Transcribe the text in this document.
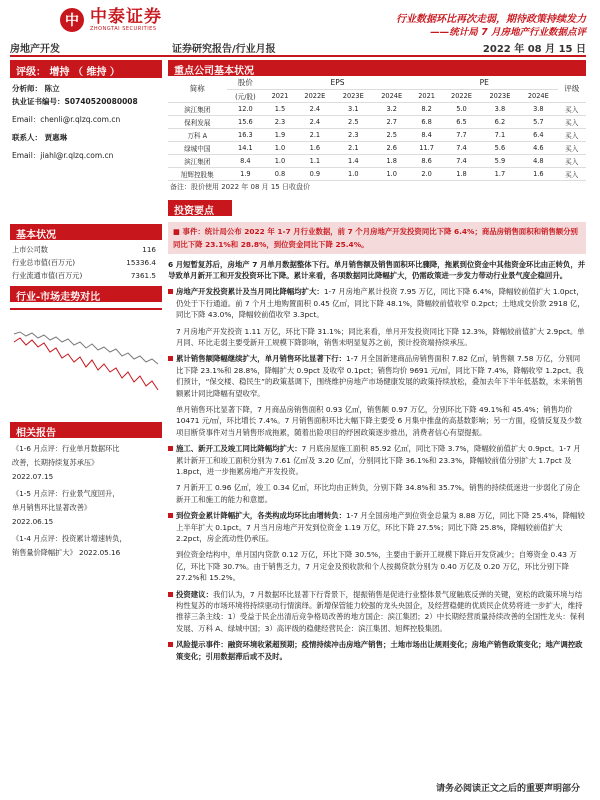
中 中泰证券
ZHONGTAI SECURITIES
行业数据环比再次走弱，期待政策持续发力
——统计局 7 月房地产行业数据点评
房地产开发	证券研究报告/行业月报	2022 年 08 月 15 日
评级： 增持 （ 维持 ）
分析师： 陈立
执业证书编号：S0740520080008
Email：chenli@r.qlzq.com.cn
联系人： 贾惠琳
Email：jiahl@r.qlzq.com.cn
基本状况
上市公司数	116
行业总市值(百万元)	15336.4
行业流通市值(百万元)	7361.5
行业-市场走势对比
相关报告
《1-6 月点评：行业单月数据环比
改善，长期持续复苏承压》
2022.07.15
《1-5 月点评：行业景气度回升，
单月销售环比显著改善》
2022.06.15
《1-4 月点评：投资累计增速转负，
销售量价降幅扩大》 2022.05.16
重点公司基本状况
简称	股价	EPS				PE				评级
	(元/股)	2021	2022E	2023E	2024E	2021	2022E	2023E	2024E	
滨江集团	12.0	1.5	2.4	3.1	3.2	8.2	5.0	3.8	3.8	买入
保利发展	15.6	2.3	2.4	2.5	2.7	6.8	6.5	6.2	5.7	买入
万科 A	16.3	1.9	2.1	2.3	2.5	8.4	7.7	7.1	6.4	买入
绿城中国	14.1	1.0	1.6	2.1	2.6	11.7	7.4	5.6	4.6	买入
滨江集团	8.4	1.0	1.1	1.4	1.8	8.6	7.4	5.9	4.8	买入
旭辉控股集	1.9	0.8	0.9	1.0	1.0	2.0	1.8	1.7	1.6	买入
备注：股价使用 2022 年 08 月 15 日收盘价
投资要点
■ 事件：统计局公布 2022 年 1-7 月行业数据，前 7 个月房地产开发投资同比下降 6.4%；商品房销售面积和销售额分别同比下降 23.1%和 28.8%，到位资金同比下降 25.4%。
6 月短暂复苏后，房地产 7 月单月数据整体下行。单月销售额及销售面积环比骤降，拖累到位资金中其他资金环比由正转负，并导致单月新开工和开发投资环比下降。累计来看，各项数据同比降幅扩大，仍需政策进一步发力带动行业景气度企稳回升。
房地产开发投资累计及当月同比降幅均扩大：1-7 月房地产累计投资 7.95 万亿，同比下降 6.4%，降幅较前值扩大 1.0pct，仍处于下行通道。前 7 个月土地购置面积 0.45 亿㎡，同比下降 48.1%，降幅较前值收窄 0.2pct；土地成交价款 2918 亿，同比下降 43.0%，降幅较前值收窄 3.3pct。
7 月房地产开发投资 1.11 万亿，环比下降 31.1%；同比来看，单月开发投资同比下降 12.3%，降幅较前值扩大 2.9pct。单月同、环比走弱主要受新开工规模下降影响，销售未明显复苏之前，预计投资端持续承压。
累计销售额降幅继续扩大，单月销售环比显著下行：1-7 月全国新建商品房销售面积 7.82 亿㎡，销售额 7.58 万亿，分别同比下降 23.1%和 28.8%，降幅扩大 0.9pct 及收窄 0.1pct；销售均价 9691 元/㎡，同比下降 7.4%，降幅收窄 1.2pct。我们预计，“保交楼、稳民生”的政策基调下，围绕维护房地产市场健康发展的政策持续放松，叠加去年下半年低基数，未来销售额累计同比降幅有望收窄。
单月销售环比显著下降，7 月商品房销售面积 0.93 亿㎡，销售额 0.97 万亿，分别环比下降 49.1%和 45.4%；销售均价 10471 元/㎡，环比增长 7.4%。7 月销售面积环比大幅下降主要受 6 月集中推盘的高基数影响；另一方面，疫情反复及少数项目断贷事件对当月销售形成拖累，随着出险项目的纾困政策逐步推出，消费者信心有望提振。
施工、新开工及竣工同比降幅均扩大：7 月底房屋施工面积 85.92 亿㎡，同比下降 3.7%，降幅较前值扩大 0.9pct。1-7 月累计新开工和竣工面积分别为 7.61 亿㎡及 3.20 亿㎡，分别同比下降 36.1%和 23.3%，降幅较前值分别扩大 1.7pct 及 1.8pct，进一步拖累房地产开发投资。
7 月新开工 0.96 亿㎡，竣工 0.34 亿㎡，环比均由正转负，分别下降 34.8%和 35.7%。销售的持续低迷进一步弱化了房企新开工和施工的能力和意愿。
到位资金累计降幅扩大，各类构成均环比由增转负：1-7 月全国房地产到位资金总量为 8.88 万亿，同比下降 25.4%，降幅较上半年扩大 0.1pct。7 月当月房地产开发到位资金 1.19 万亿，环比下降 27.5%；同比下降 25.8%，降幅较前值扩大 2.2pct，房企流动性仍承压。
到位资金结构中，单月国内贷款 0.12 万亿，环比下降 30.5%，主要由于新开工规模下降后开发贷减少；自筹资金 0.43 万亿，环比下降 30.7%。由于销售乏力，7 月定金及预收款和个人按揭贷款分别为 0.40 万亿及 0.20 万亿，环比分别下降 27.2%和 15.2%。
投资建议：我们认为，7 月数据环比显著下行背景下，提振销售是促进行业整体景气度触底反弹的关键，宽松的政策环境与结构性复苏的市场环境将持续驱动行情演绎。新增保管能力较强的龙头央国企，及经营稳健的优质民企优势将进一步扩大，维持推荐三条主线：1）受益于民企出清后竞争格局改善的地方国企：滨江集团；2）中长期经营质量持续改善的全国性龙头：保利发展、万科 A、绿城中国；3）高评级的稳健经营民企：滨江集团、旭辉控股集团。
风险提示事件：融资环境收紧超预期；疫情持续冲击房地产销售；土地市场出让规则变化；房地产销售政策变化；地产调控政策变化；引用数据滞后或不及时。
请务必阅读正文之后的重要声明部分
